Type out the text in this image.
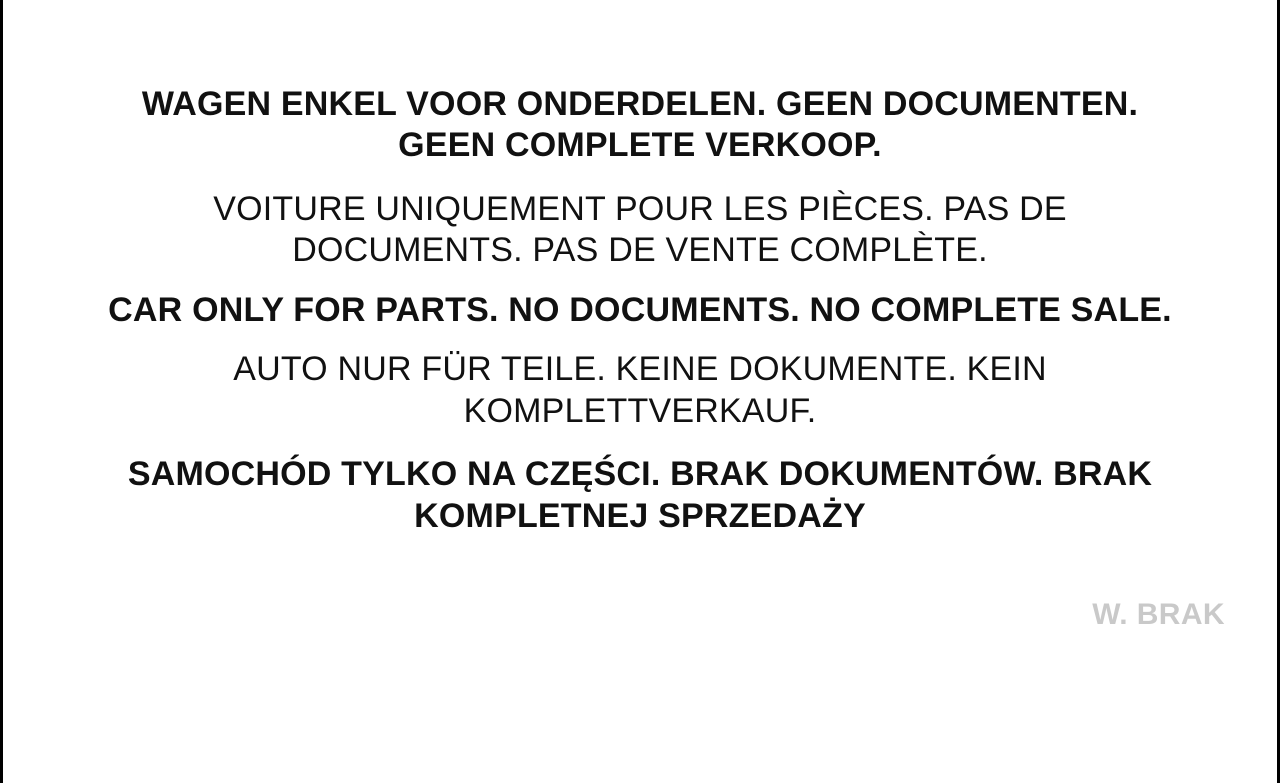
WAGEN ENKEL VOOR ONDERDELEN. GEEN DOCUMENTEN. GEEN COMPLETE VERKOOP.

VOITURE UNIQUEMENT POUR LES PIÈCES. PAS DE DOCUMENTS. PAS DE VENTE COMPLÈTE.

CAR ONLY FOR PARTS. NO DOCUMENTS. NO COMPLETE SALE.

AUTO NUR FÜR TEILE. KEINE DOKUMENTE. KEIN KOMPLETTVERKAUF.

SAMOCHÓD TYLKO NA CZĘŚCI. BRAK DOKUMENTÓW. BRAK KOMPLETNEJ SPRZEDAŻY

W. BRAK
